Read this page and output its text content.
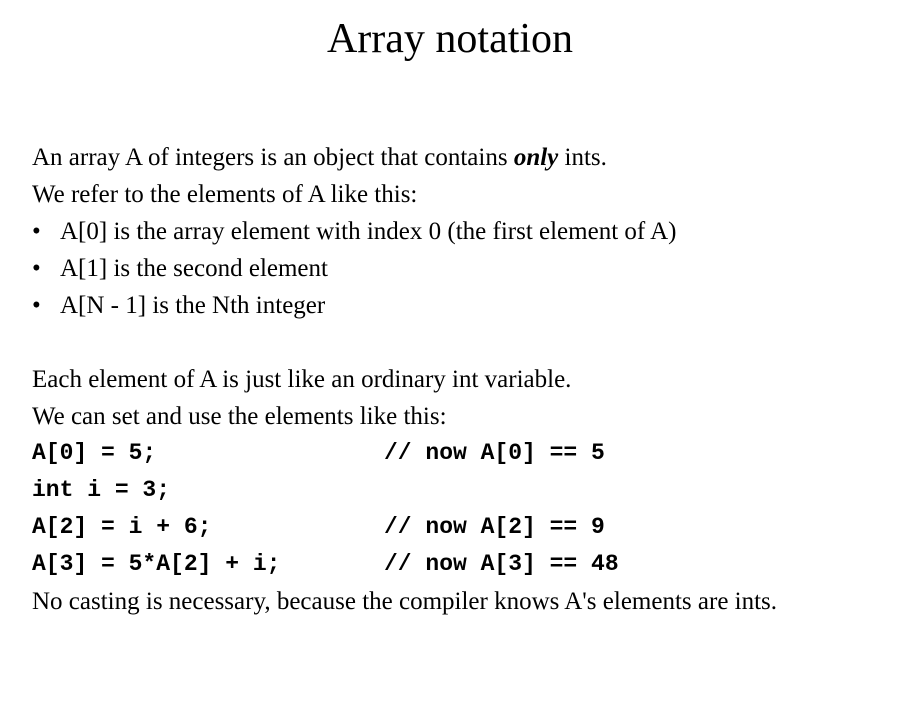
Array notation
An array A of integers is an object that contains only ints.
We refer to the elements of A like this:
• A[0] is the array element with index 0 (the first element of A)
• A[1] is the second element
• A[N - 1] is the Nth integer
Each element of A is just like an ordinary int variable.
We can set and use the elements like this:
A[0] = 5;	// now A[0] == 5
int i = 3;
A[2] = i + 6;	// now A[2] == 9
A[3] = 5*A[2] + i;	// now A[3] == 48
No casting is necessary, because the compiler knows A's elements are ints.
